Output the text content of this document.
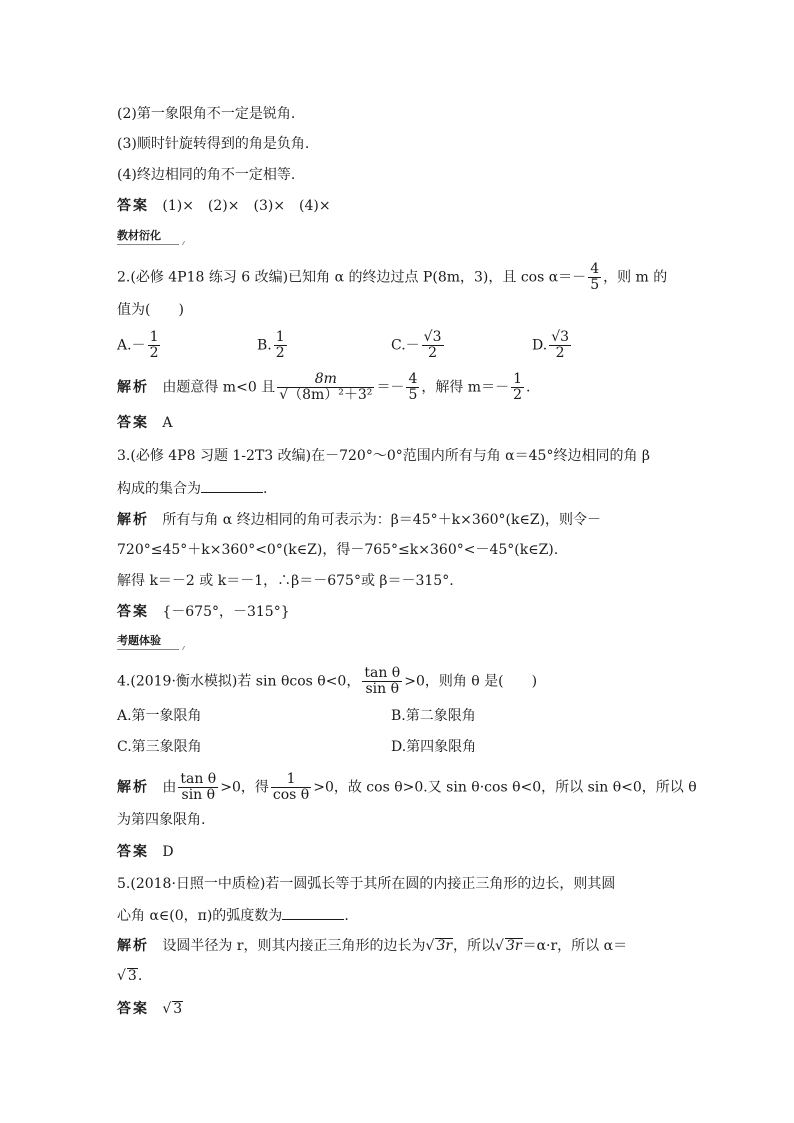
(2)第一象限角不一定是锐角.
(3)顺时针旋转得到的角是负角.
(4)终边相同的角不一定相等.
答案 (1)×　(2)×　(3)×　(4)×
教材衍化
2.(必修 4P18 练习 6 改编)已知角 α 的终边过点 P(8m，3)，且 $\cos \alpha=- \frac{4}{5}$ ，则 m 的
值为(　　)
$A.- \frac{1}{2}$	B. $\frac{1}{2}$	$C.- \frac{√3}{2}$	D. $\frac{√3}{2}$
解析 由题意得 m<0 且 $\frac{8m}{\text{√（8m）²＋3²}} =- \frac{4}{5}$ ，解得 $m=- \frac{1}{2}$ .
答案 A
3.(必修 4P8 习题 1-2T3 改编)在－720°～0°范围内所有与角 α＝45°终边相同的角 β
构成的集合为	.
解析 所有与角 α 终边相同的角可表示为：β＝45°＋k×360°(k∈Z)，则令－
720°≤45°＋k×360°<0°(k∈Z)，得－765°≤k×360°<－45°(k∈Z).
解得 k＝－2 或 k＝－1，∴β＝－675°或 β＝－315°.
答案 {－675°，－315°}
考题体验
4.(2019·衡水模拟)若 sin θcos θ<0， $\frac{\text{tan θ}}{\text{sin θ}} >0$，则角 θ 是(　　)
A.第一象限角	B.第二象限角
C.第三象限角	D.第四象限角
解析 由 $\frac{\text{tan θ}}{\text{sin θ}} >0$，得 $\frac{1}{\text{cos θ}} >0$，故 cos θ>0.又 sin θ·cos θ<0，所以 sin θ<0，所以 θ
为第四象限角.
答案 D
5.(2018·日照一中质检)若一圆弧长等于其所在圆的内接正三角形的边长，则其圆
心角 α∈(0，π)的弧度数为	.
解析 设圆半径为 r，则其内接正三角形的边长为√ 3r，所以√ 3r＝α·r，所以 α＝
√ 3.
答案   √ 3
